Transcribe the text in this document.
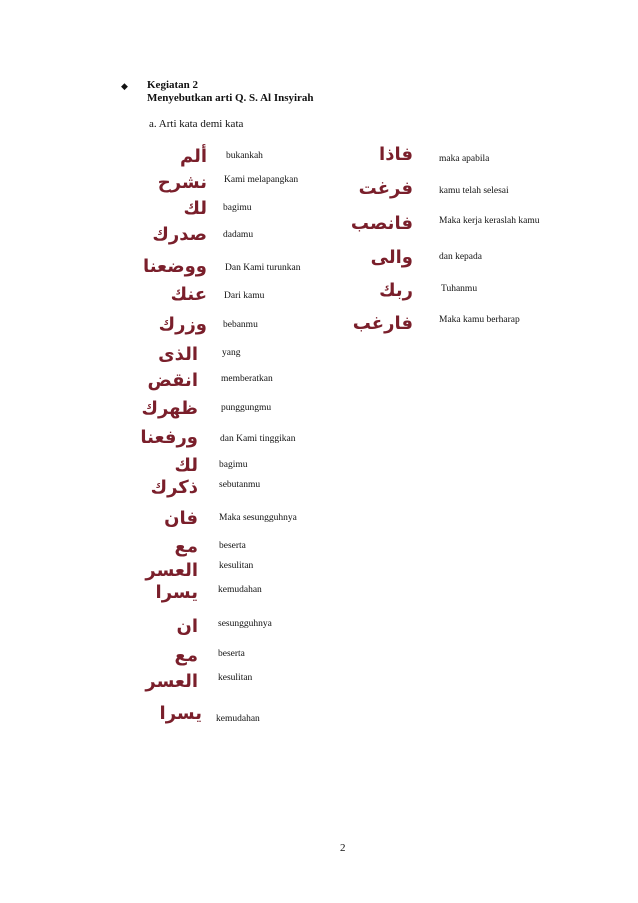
◆ Kegiatan 2
Menyebutkan arti Q. S. Al Insyirah
a. Arti kata demi kata
ألم bukankah
نشرح Kami melapangkan
لك bagimu
صدرك dadamu
ووضعنا Dan Kami turunkan
عنك Dari kamu
وزرك bebanmu
الذى	yang
انقض memberatkan
ظهرك punggungmu
ورفعنا dan Kami tinggikan
لك bagimu
ذكرك sebutanmu
فان Maka sesungguhnya
مع beserta
العسر kesulitan
يسرا kemudahan
ان sesungguhnya
مع beserta
العسر kesulitan
يسرا kemudahan
فاذا	maka apabila
فرغت	kamu telah selesai
فانصب	Maka kerja keraslah kamu
والى	dan kepada
ربك	Tuhanmu
فارغب	Maka kamu berharap
2
